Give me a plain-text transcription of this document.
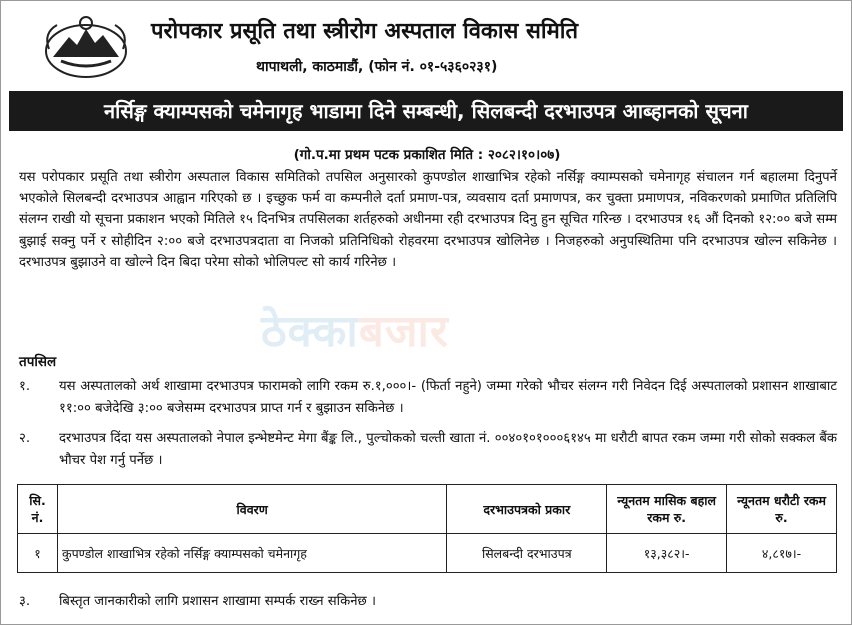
परोपकार प्रसूति तथा स्त्रीरोग अस्पताल विकास समिति
थापाथली, काठमाडौं, (फोन नं. ०१-५३६०२३१)
नर्सिङ्ग क्याम्पसको चमेनागृह भाडामा दिने सम्बन्धी, सिलबन्दी दरभाउपत्र आब्हानको सूचना
(गो.प.मा प्रथम पटक प्रकाशित मिति : २०८२।१०।०७)
यस परोपकार प्रसूति तथा स्त्रीरोग अस्पताल विकास समितिको तपसिल अनुसारको कुपण्डोल शाखाभित्र रहेको नर्सिङ्ग क्याम्पसको चमेनागृह संचालन गर्न बहालमा दिनुपर्ने भएकोले सिलबन्दी दरभाउपत्र आह्वान गरिएको छ । इच्छुक फर्म वा कम्पनीले दर्ता प्रमाण-पत्र, व्यवसाय दर्ता प्रमाणपत्र, कर चुक्ता प्रमाणपत्र, नविकरणको प्रमाणित प्रतिलिपि संलग्न राखी यो सूचना प्रकाशन भएको मितिले १५ दिनभित्र तपसिलका शर्तहरुको अधीनमा रही दरभाउपत्र दिनु हुन सूचित गरिन्छ । दरभाउपत्र १६ औं दिनको १२:०० बजे सम्म बुझाई सक्नु पर्ने र सोहीदिन २:०० बजे दरभाउपत्रदाता वा निजको प्रतिनिधिको रोहवरमा दरभाउपत्र खोलिनेछ । निजहरुको अनुपस्थितिमा पनि दरभाउपत्र खोल्न सकिनेछ । दरभाउपत्र बुझाउने वा खोल्ने दिन बिदा परेमा सोको भोलिपल्ट सो कार्य गरिनेछ ।
ठेक्काबजार
तपसिल
१.	यस अस्पतालको अर्थ शाखामा दरभाउपत्र फारामको लागि रकम रु.१,०००।- (फिर्ता नहुने) जम्मा गरेको भौचर संलग्न गरी निवेदन दिई अस्पतालको प्रशासन शाखाबाट ११:०० बजेदेखि ३:०० बजेसम्म दरभाउपत्र प्राप्त गर्न र बुझाउन सकिनेछ ।
२.	दरभाउपत्र दिंदा यस अस्पतालको नेपाल इन्भेष्टमेन्ट मेगा बैंङ्क लि., पुल्चोकको चल्ती खाता नं. ००४०१०१०००६१४५ मा धरौटी बापत रकम जम्मा गरी सोको सक्कल बैंक भौचर पेश गर्नु पर्नेछ ।
सि. नं.	विवरण	दरभाउपत्रको प्रकार	न्यूनतम मासिक बहाल रकम रु.	न्यूनतम धरौटी रकम रु.
१	कुपण्डोल शाखाभित्र रहेको नर्सिङ्ग क्याम्पसको चमेनागृह	सिलबन्दी दरभाउपत्र	१३,३८२।-	४,८१७।-
३. बिस्तृत जानकारीको लागि प्रशासन शाखामा सम्पर्क राख्न सकिनेछ ।
